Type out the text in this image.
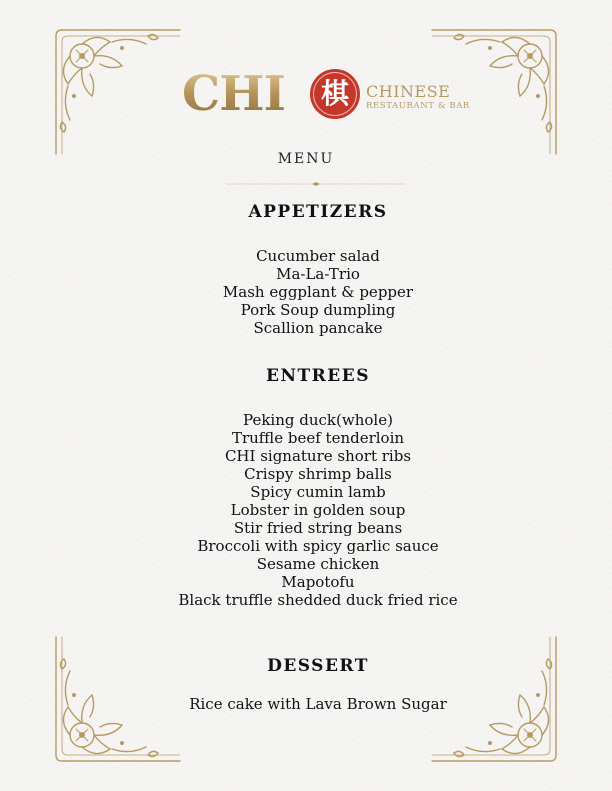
CHI	棋	CHINESE
RESTAURANT & BAR
MENU
APPETIZERS
Cucumber salad
Ma-La-Trio
Mash eggplant & pepper
Pork Soup dumpling
Scallion pancake
ENTREES
Peking duck(whole)
Truffle beef tenderloin
CHI signature short ribs
Crispy shrimp balls
Spicy cumin lamb
Lobster in golden soup
Stir fried string beans
Broccoli with spicy garlic sauce
Sesame chicken
Mapotofu
Black truffle shedded duck fried rice
DESSERT
Rice cake with Lava Brown Sugar
